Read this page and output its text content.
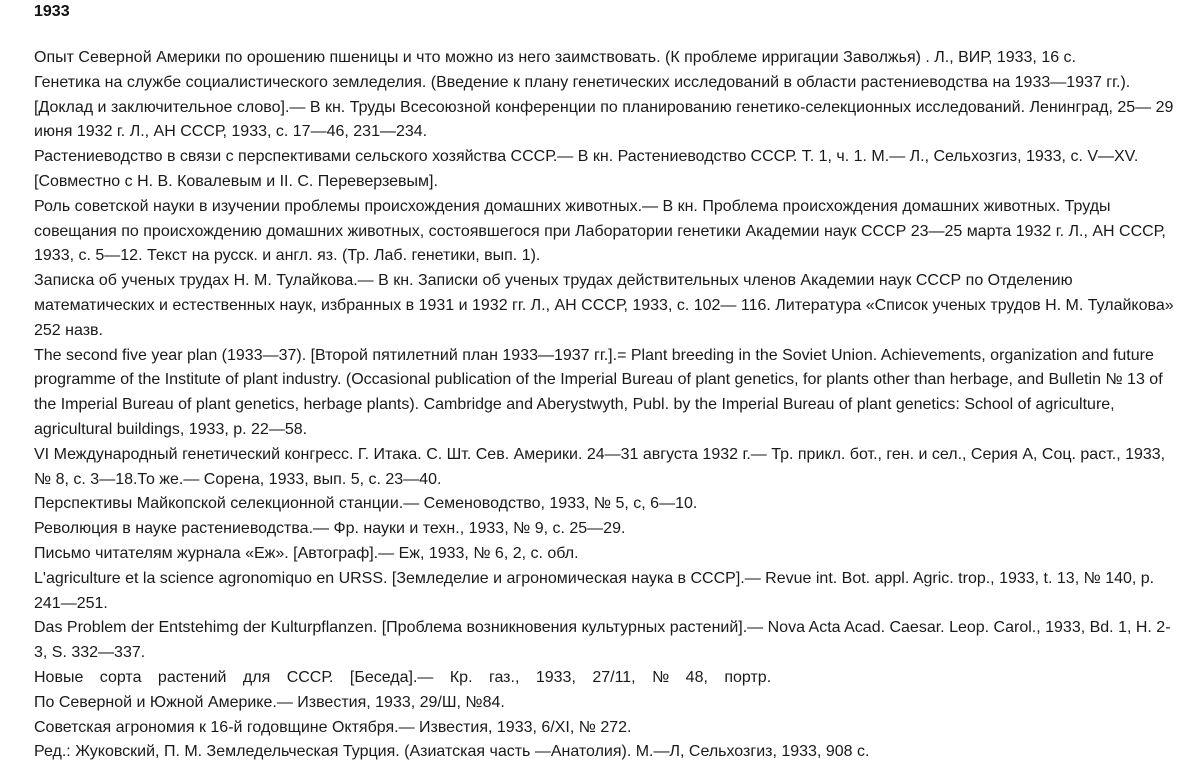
1933
Опыт Северной Америки по орошению пшеницы и что можно из него заимствовать. (К проблеме ирригации Заволжья) . Л., ВИР, 1933, 16 с.
Генетика на службе социалистического земледелия. (Введение к плану генетических исследований в области растениеводства на 1933—1937 гг.). [Доклад и заключительное слово].— В кн. Труды Всесоюзной конференции по планированию генетико-селекционных исследований. Ленинград, 25— 29 июня 1932 г. Л., АН СССР, 1933, с. 17—46, 231—234.
Растениеводство в связи с перспективами сельского хозяйства СССР.— В кн. Растениеводство СССР. Т. 1, ч. 1. М.— Л., Сельхозгиз, 1933, с. V—XV. [Совместно с Н. В. Ковалевым и II. С. Переверзевым].
Роль советской науки в изучении проблемы происхождения домашних животных.— В кн. Проблема происхождения домашних животных. Труды совещания по происхождению домашних животных, состоявшегося при Лаборатории генетики Академии наук СССР 23—25 марта 1932 г. Л., АН СССР, 1933, с. 5—12. Текст на русск. и англ. яз. (Тр. Лаб. генетики, вып. 1).
Записка об ученых трудах Н. М. Тулайкова.— В кн. Записки об ученых трудах действительных членов Академии наук СССР по Отделению математических и естественных наук, избранных в 1931 и 1932 гг. Л., АН СССР, 1933, с. 102— 116. Литература «Список ученых трудов Н. М. Тулайкова» 252 назв.
The second five year plan (1933—37). [Второй пятилетний план 1933—1937 гг.].= Plant breeding in the Soviet Union. Achievements, organization and future programme of the Institute of plant industry. (Occasional publication of the Imperial Bureau of plant genetics, for plants other than herbage, and Bulletin № 13 of the Imperial Bureau of plant genetics, herbage plants). Cambridge and Aberystwyth, Publ. by the Imperial Bureau of plant genetics: School of agriculture, agricultural buildings, 1933, p. 22—58.
VI Международный генетический конгресс. Г. Итака. С. Шт. Сев. Америки. 24—31 августа 1932 г.— Тр. прикл. бот., ген. и сел., Серия А, Соц. раст., 1933, № 8, с. 3—18.То же.— Сорена, 1933, вып. 5, с. 23—40.
Перспективы Майкопской селекционной станции.— Семеноводство, 1933, № 5, с, 6—10.
Революция в науке растениеводства.— Фр. науки и техн., 1933, № 9, с. 25—29.
Письмо читателям журнала «Еж». [Автограф].— Еж, 1933, № 6, 2, с. обл.
L'agriculture et la science agronomiquo en URSS. [Земледелие и агрономическая наука в СССР].— Revue int. Bot. appl. Agric. trop., 1933, t. 13, № 140, p. 241—251.
Das Problem der Entstehimg der Kulturpflanzen. [Проблема возникновения культурных растений].— Nova Acta Acad. Caesar. Leop. Carol., 1933, Bd. 1, H. 2-3, S. 332—337.
Новые сорта растений для СССР. [Беседа].— Кр. газ., 1933, 27/11, № 48, портр.
По Северной и Южной Америке.— Известия, 1933, 29/Ш, №84.
Советская агрономия к 16-й годовщине Октября.— Известия, 1933, 6/XI, № 272.
Ред.: Жуковский, П. М. Земледельческая Турция. (Азиатская часть —Анатолия). М.—Л, Сельхозгиз, 1933, 908 с.
